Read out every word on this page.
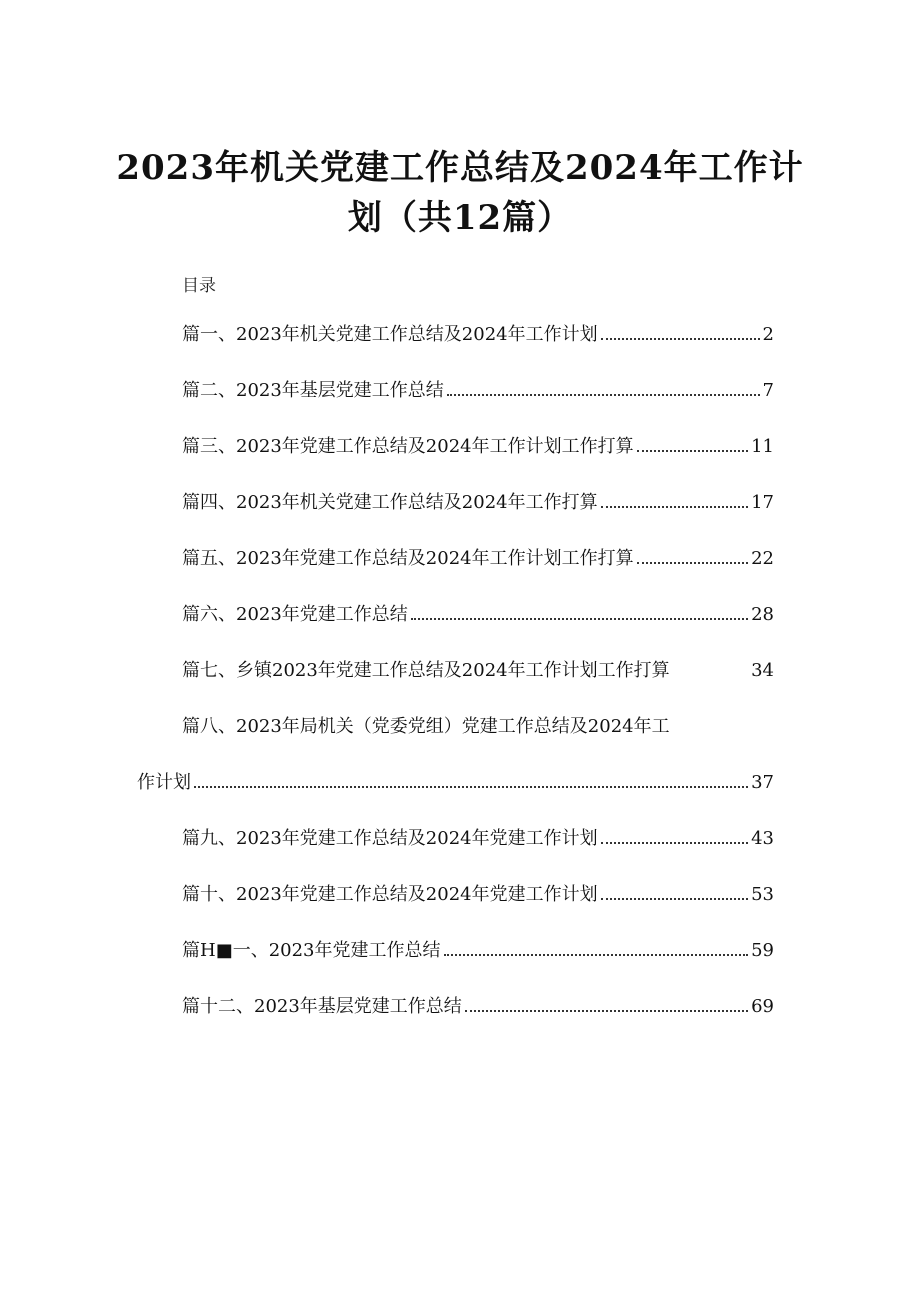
2023年机关党建工作总结及2024年工作计
划（共12篇）
目录
篇一、2023年机关党建工作总结及2024年工作计划	2
篇二、2023年基层党建工作总结	7
篇三、2023年党建工作总结及2024年工作计划工作打算	11
篇四、2023年机关党建工作总结及2024年工作打算	17
篇五、2023年党建工作总结及2024年工作计划工作打算	22
篇六、2023年党建工作总结	28
篇七、乡镇2023年党建工作总结及2024年工作计划工作打算	34
篇八、2023年局机关（党委党组）党建工作总结及2024年工
作计划	37
篇九、2023年党建工作总结及2024年党建工作计划	43
篇十、2023年党建工作总结及2024年党建工作计划	53
篇H■一、2023年党建工作总结	59
篇十二、2023年基层党建工作总结	69
